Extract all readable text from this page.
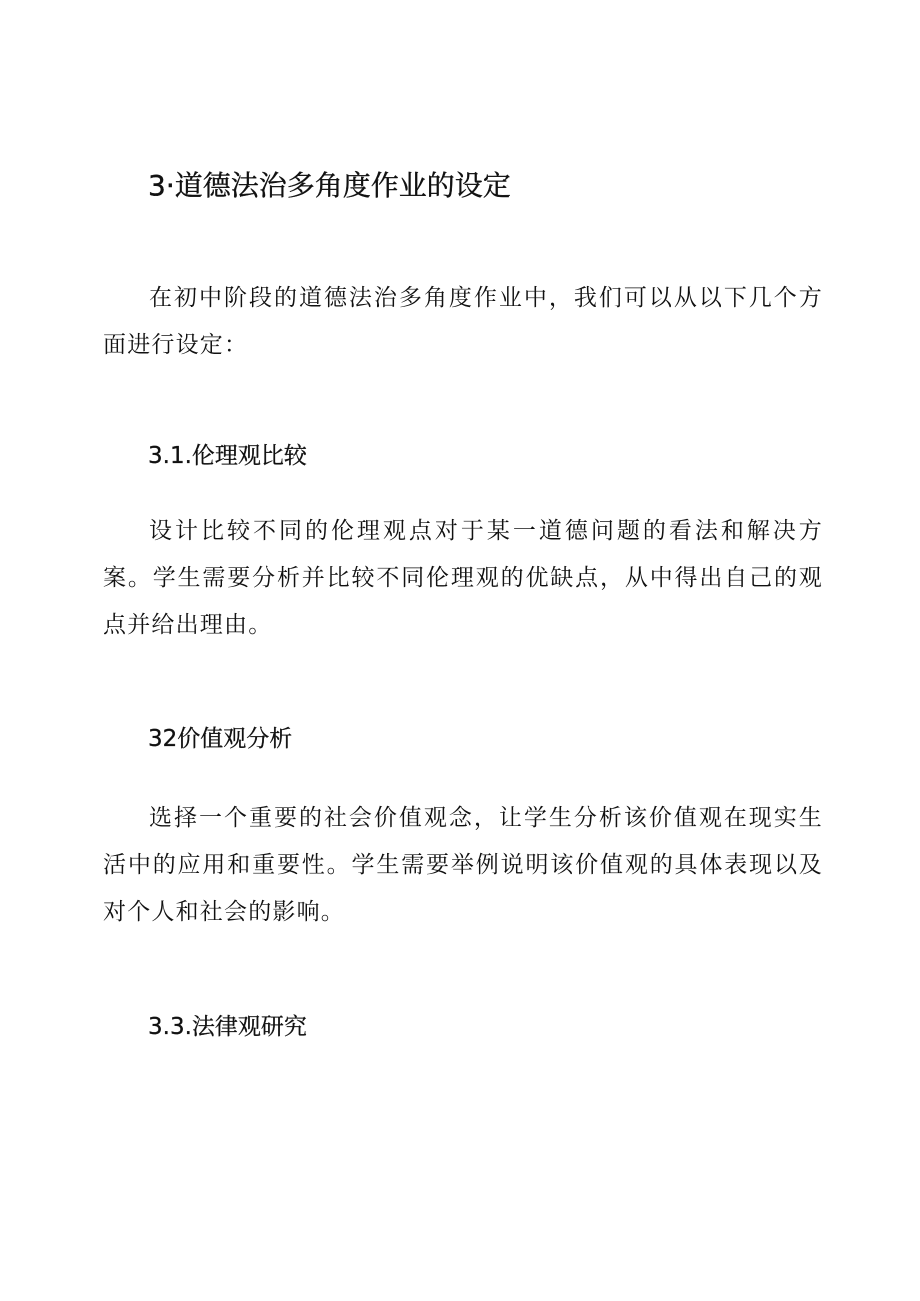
3·道德法治多角度作业的设定

在初中阶段的道德法治多角度作业中，我们可以从以下几个方面进行设定：

3.1.伦理观比较

设计比较不同的伦理观点对于某一道德问题的看法和解决方案。学生需要分析并比较不同伦理观的优缺点，从中得出自己的观点并给出理由。

32价值观分析

选择一个重要的社会价值观念，让学生分析该价值观在现实生活中的应用和重要性。学生需要举例说明该价值观的具体表现以及对个人和社会的影响。

3.3.法律观研究
